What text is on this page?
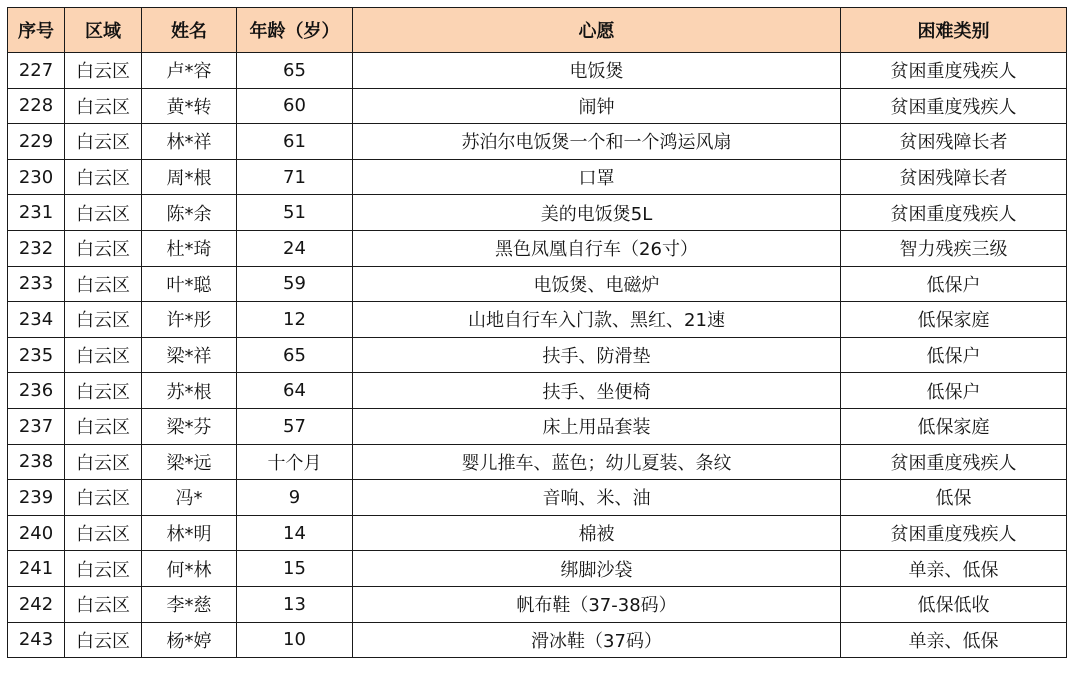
序号	区域	姓名	年龄（岁）	心愿	困难类别
227	白云区	卢*容	65	电饭煲	贫困重度残疾人
228	白云区	黄*转	60	闹钟	贫困重度残疾人
229	白云区	林*祥	61	苏泊尔电饭煲一个和一个鸿运风扇	贫困残障长者
230	白云区	周*根	71	口罩	贫困残障长者
231	白云区	陈*余	51	美的电饭煲5L	贫困重度残疾人
232	白云区	杜*琦	24	黑色凤凰自行车（26寸）	智力残疾三级
233	白云区	叶*聪	59	电饭煲、电磁炉	低保户
234	白云区	许*彤	12	山地自行车入门款、黑红、21速	低保家庭
235	白云区	梁*祥	65	扶手、防滑垫	低保户
236	白云区	苏*根	64	扶手、坐便椅	低保户
237	白云区	梁*芬	57	床上用品套装	低保家庭
238	白云区	梁*远	十个月	婴儿推车、蓝色；幼儿夏装、条纹	贫困重度残疾人
239	白云区	冯*	9	音响、米、油	低保
240	白云区	林*明	14	棉被	贫困重度残疾人
241	白云区	何*林	15	绑脚沙袋	单亲、低保
242	白云区	李*慈	13	帆布鞋（37-38码）	低保低收
243	白云区	杨*婷	10	滑冰鞋（37码）	单亲、低保
